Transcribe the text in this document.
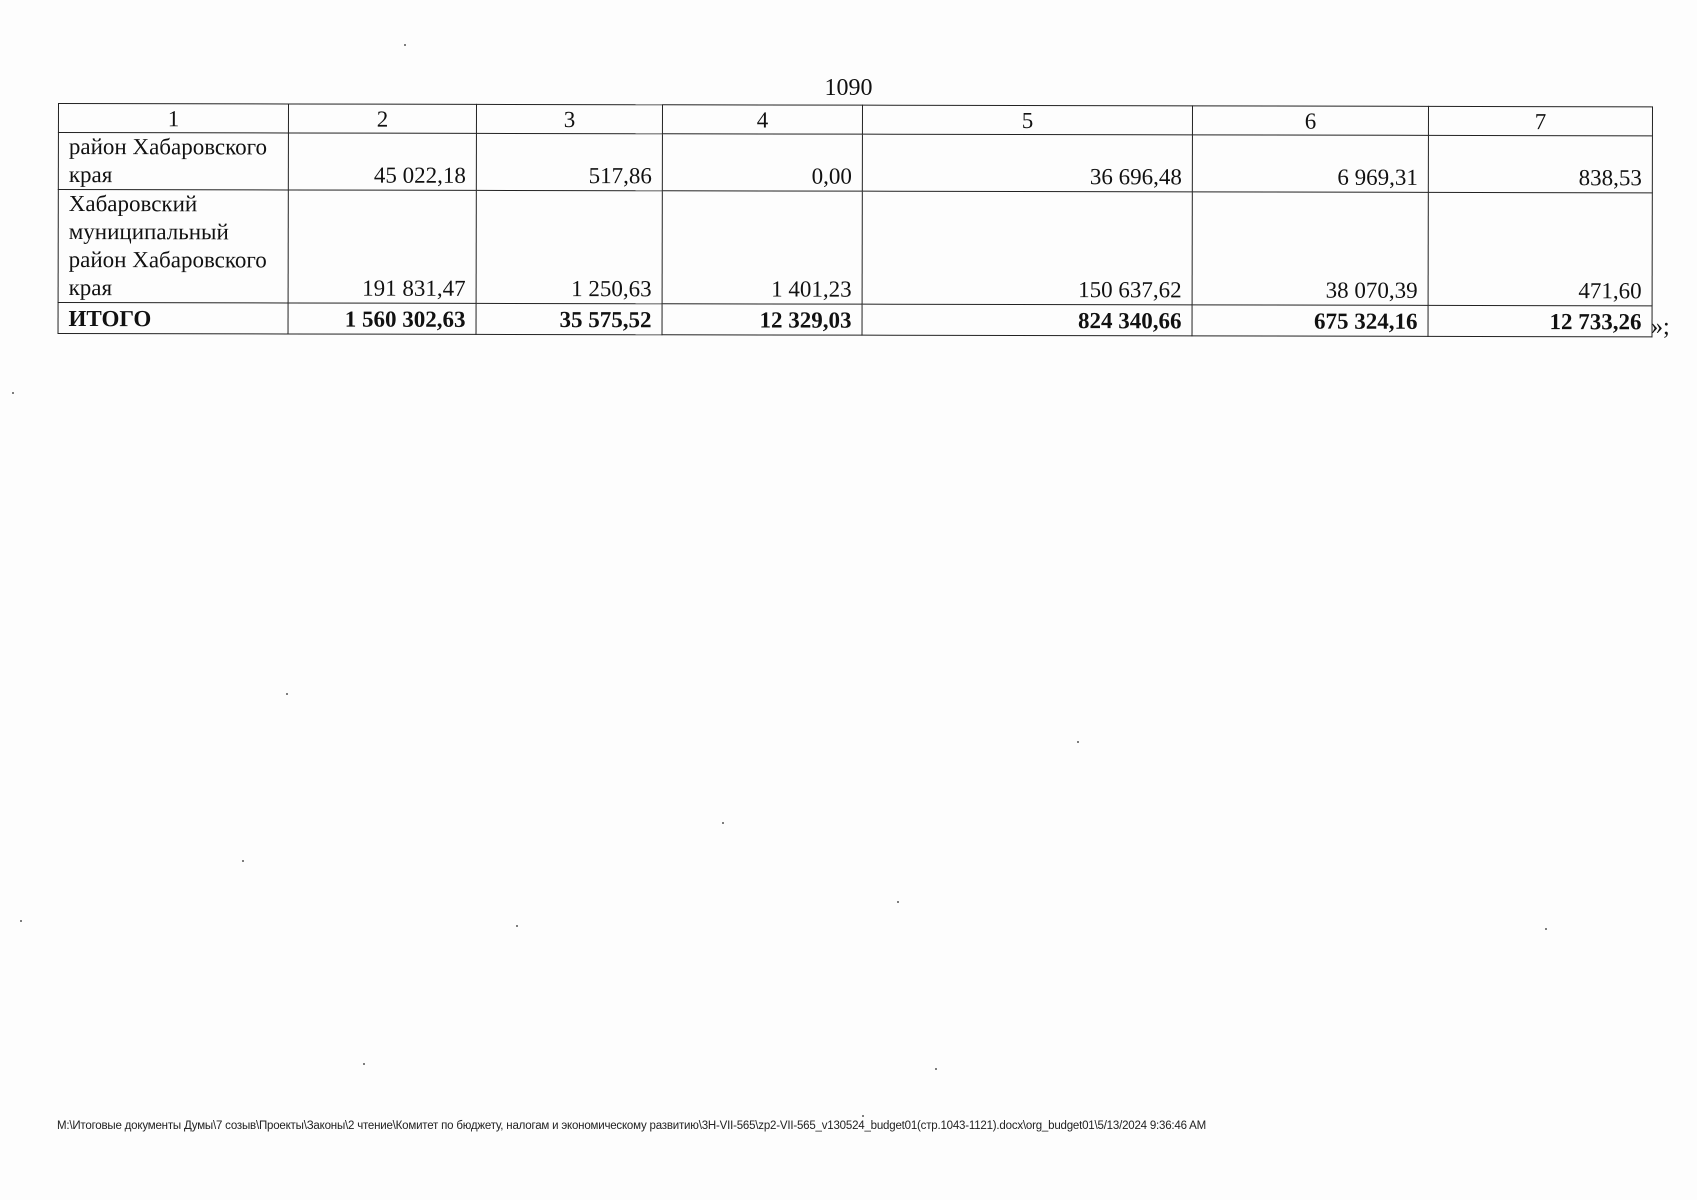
1090
1	2	3	4	5	6	7

район Хабаровского
края	45 022,18	517,86	0,00	36 696,48	6 969,31	838,53

Хабаровский
муниципальный
район Хабаровского
края	191 831,47	1 250,63	1 401,23	150 637,62	38 070,39	471,60
ИТОГО	1 560 302,63	35 575,52	12 329,03	824 340,66	675 324,16	12 733,26 »;
M:\Итоговые документы Думы\7 созыв\Проекты\Законы\2 чтение\Комитет по бюджету, налогам и экономическому развитию\3Н-VII-565\zp2-VII-565_v130524_budget01(стр.1043-1121).docx\org_budget01\5/13/2024 9:36:46 AM
